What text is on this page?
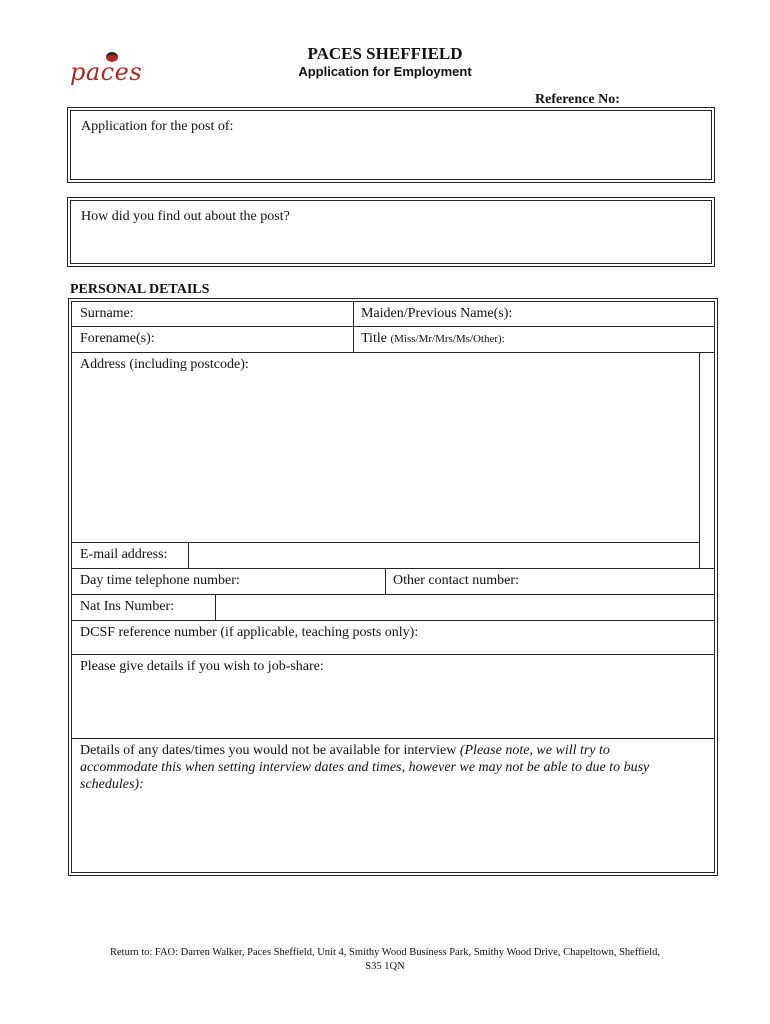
paces
PACES SHEFFIELD
Application for Employment
Reference No:
Application for the post of:
How did you find out about the post?
PERSONAL DETAILS
Surname:	Maiden/Previous Name(s):
Forename(s):	Title (Miss/Mr/Mrs/Ms/Other):
Address (including postcode):
E-mail address:
Day time telephone number:	Other contact number:
Nat Ins Number:
DCSF reference number (if applicable, teaching posts only):
Please give details if you wish to job-share:
Details of any dates/times you would not be available for interview (Please note, we will try to accommodate this when setting interview dates and times, however we may not be able to due to busy schedules):
Return to: FAO: Darren Walker, Paces Sheffield, Unit 4, Smithy Wood Business Park, Smithy Wood Drive, Chapeltown, Sheffield,
S35 1QN
